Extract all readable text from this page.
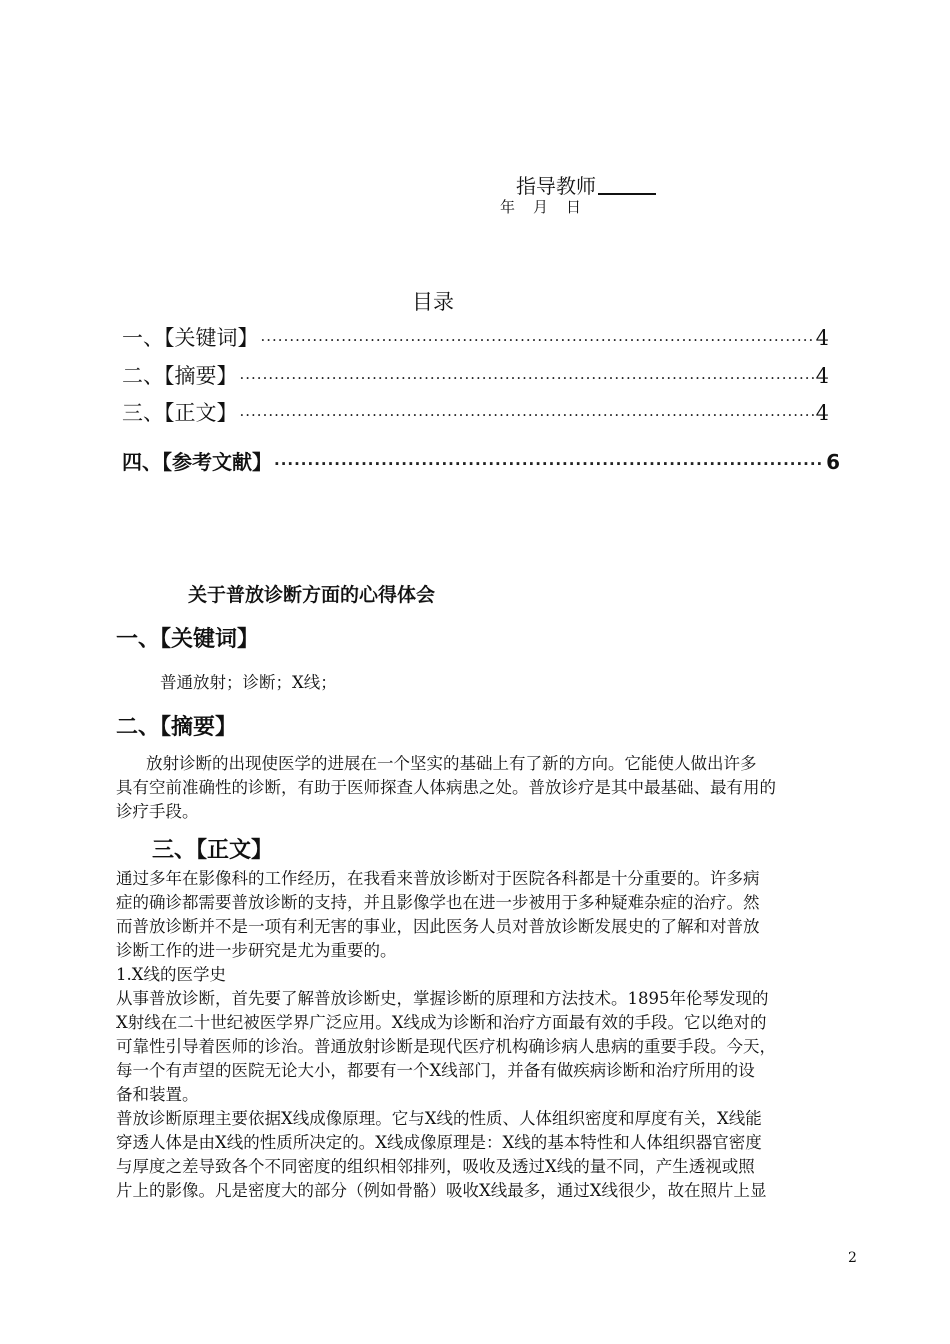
指导教师
年 月 日
目录
一、【关键词】 ·····	4
二、【摘要】 ·····	4
三、【正文】 ·····	4
四、【参考文献】 ·····	6
关于普放诊断方面的心得体会
一、【关键词】
普通放射；诊断；X线；
二、【摘要】
放射诊断的出现使医学的进展在一个坚实的基础上有了新的方向。它能使人做出许多
具有空前准确性的诊断，有助于医师探查人体病患之处。普放诊疗是其中最基础、最有用的
诊疗手段。
三、【正文】
通过多年在影像科的工作经历，在我看来普放诊断对于医院各科都是十分重要的。许多病
症的确诊都需要普放诊断的支持，并且影像学也在进一步被用于多种疑难杂症的治疗。然
而普放诊断并不是一项有利无害的事业，因此医务人员对普放诊断发展史的了解和对普放
诊断工作的进一步研究是尤为重要的。
1.X线的医学史
从事普放诊断，首先要了解普放诊断史，掌握诊断的原理和方法技术。1895年伦琴发现的
X射线在二十世纪被医学界广泛应用。X线成为诊断和治疗方面最有效的手段。它以绝对的
可靠性引导着医师的诊治。普通放射诊断是现代医疗机构确诊病人患病的重要手段。今天，
每一个有声望的医院无论大小，都要有一个X线部门，并备有做疾病诊断和治疗所用的设
备和装置。
普放诊断原理主要依据X线成像原理。它与X线的性质、人体组织密度和厚度有关，X线能
穿透人体是由X线的性质所决定的。X线成像原理是：X线的基本特性和人体组织器官密度
与厚度之差导致各个不同密度的组织相邻排列，吸收及透过X线的量不同，产生透视或照
片上的影像。凡是密度大的部分（例如骨骼）吸收X线最多，通过X线很少，故在照片上显
2
